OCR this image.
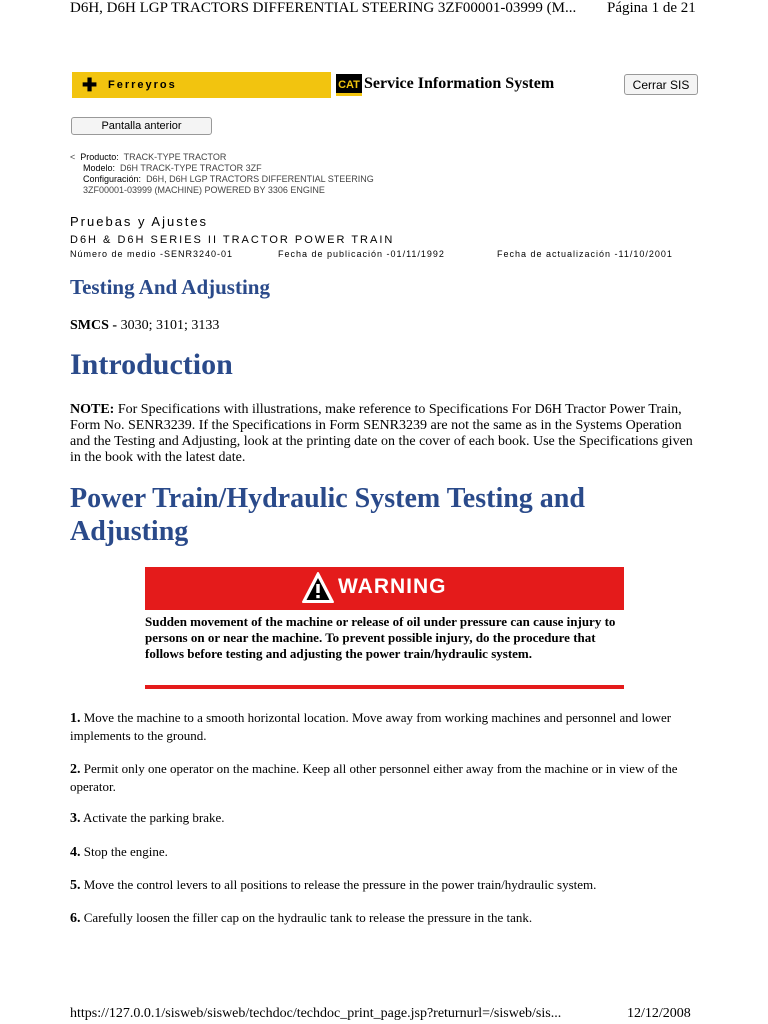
D6H, D6H LGP TRACTORS DIFFERENTIAL STEERING 3ZF00001-03999 (M... Página 1 de 21
✚ Ferreyros	CAT Service Information System	Cerrar SIS
Pantalla anterior
< Producto: TRACK-TYPE TRACTOR
Modelo: D6H TRACK-TYPE TRACTOR 3ZF
Configuración: D6H, D6H LGP TRACTORS DIFFERENTIAL STEERING
3ZF00001-03999 (MACHINE) POWERED BY 3306 ENGINE
Pruebas y Ajustes
D6H & D6H SERIES II TRACTOR POWER TRAIN
Número de medio -SENR3240-01	Fecha de publicación -01/11/1992	Fecha de actualización -11/10/2001
Testing And Adjusting
SMCS - 3030; 3101; 3133
Introduction
NOTE: For Specifications with illustrations, make reference to Specifications For D6H Tractor Power Train, Form No. SENR3239. If the Specifications in Form SENR3239 are not the same as in the Systems Operation and the Testing and Adjusting, look at the printing date on the cover of each book. Use the Specifications given in the book with the latest date.
Power Train/Hydraulic System Testing and Adjusting
WARNING
Sudden movement of the machine or release of oil under pressure can cause injury to persons on or near the machine. To prevent possible injury, do the procedure that follows before testing and adjusting the power train/hydraulic system.
1. Move the machine to a smooth horizontal location. Move away from working machines and personnel and lower implements to the ground.
2. Permit only one operator on the machine. Keep all other personnel either away from the machine or in view of the operator.
3. Activate the parking brake.
4. Stop the engine.
5. Move the control levers to all positions to release the pressure in the power train/hydraulic system.
6. Carefully loosen the filler cap on the hydraulic tank to release the pressure in the tank.
https://127.0.0.1/sisweb/sisweb/techdoc/techdoc_print_page.jsp?returnurl=/sisweb/sis...	12/12/2008
